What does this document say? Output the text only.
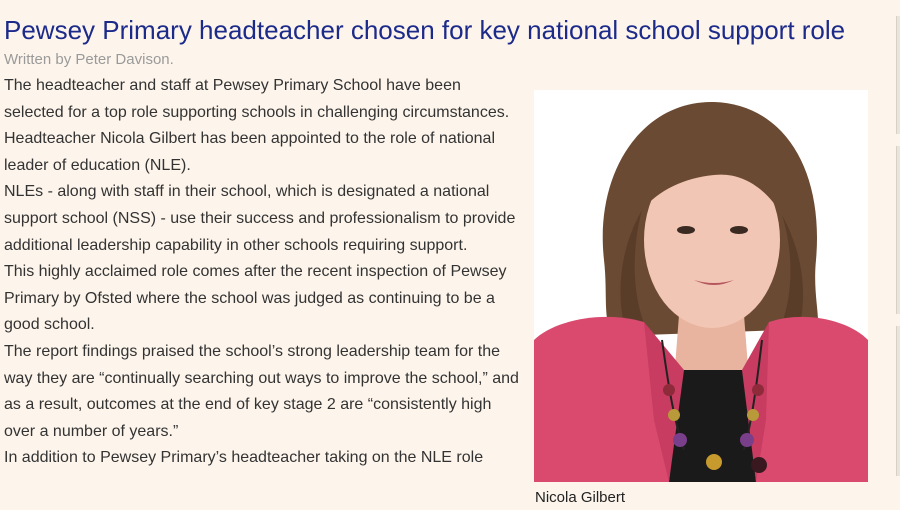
Pewsey Primary headteacher chosen for key national school support role
Written by Peter Davison.

The headteacher and staff at Pewsey Primary School have been selected for a top role supporting schools in challenging circumstances.

Headteacher Nicola Gilbert has been appointed to the role of national leader of education (NLE).

NLEs - along with staff in their school, which is designated a national support school (NSS) - use their success and professionalism to provide additional leadership capability in other schools requiring support.

This highly acclaimed role comes after the recent inspection of Pewsey Primary by Ofsted where the school was judged as continuing to be a good school.

The report findings praised the school’s strong leadership team for the way they are “continually searching out ways to improve the school,” and as a result, outcomes at the end of key stage 2 are “consistently high over a number of years.”

In addition to Pewsey Primary’s headteacher taking on the NLE role

Nicola Gilbert
